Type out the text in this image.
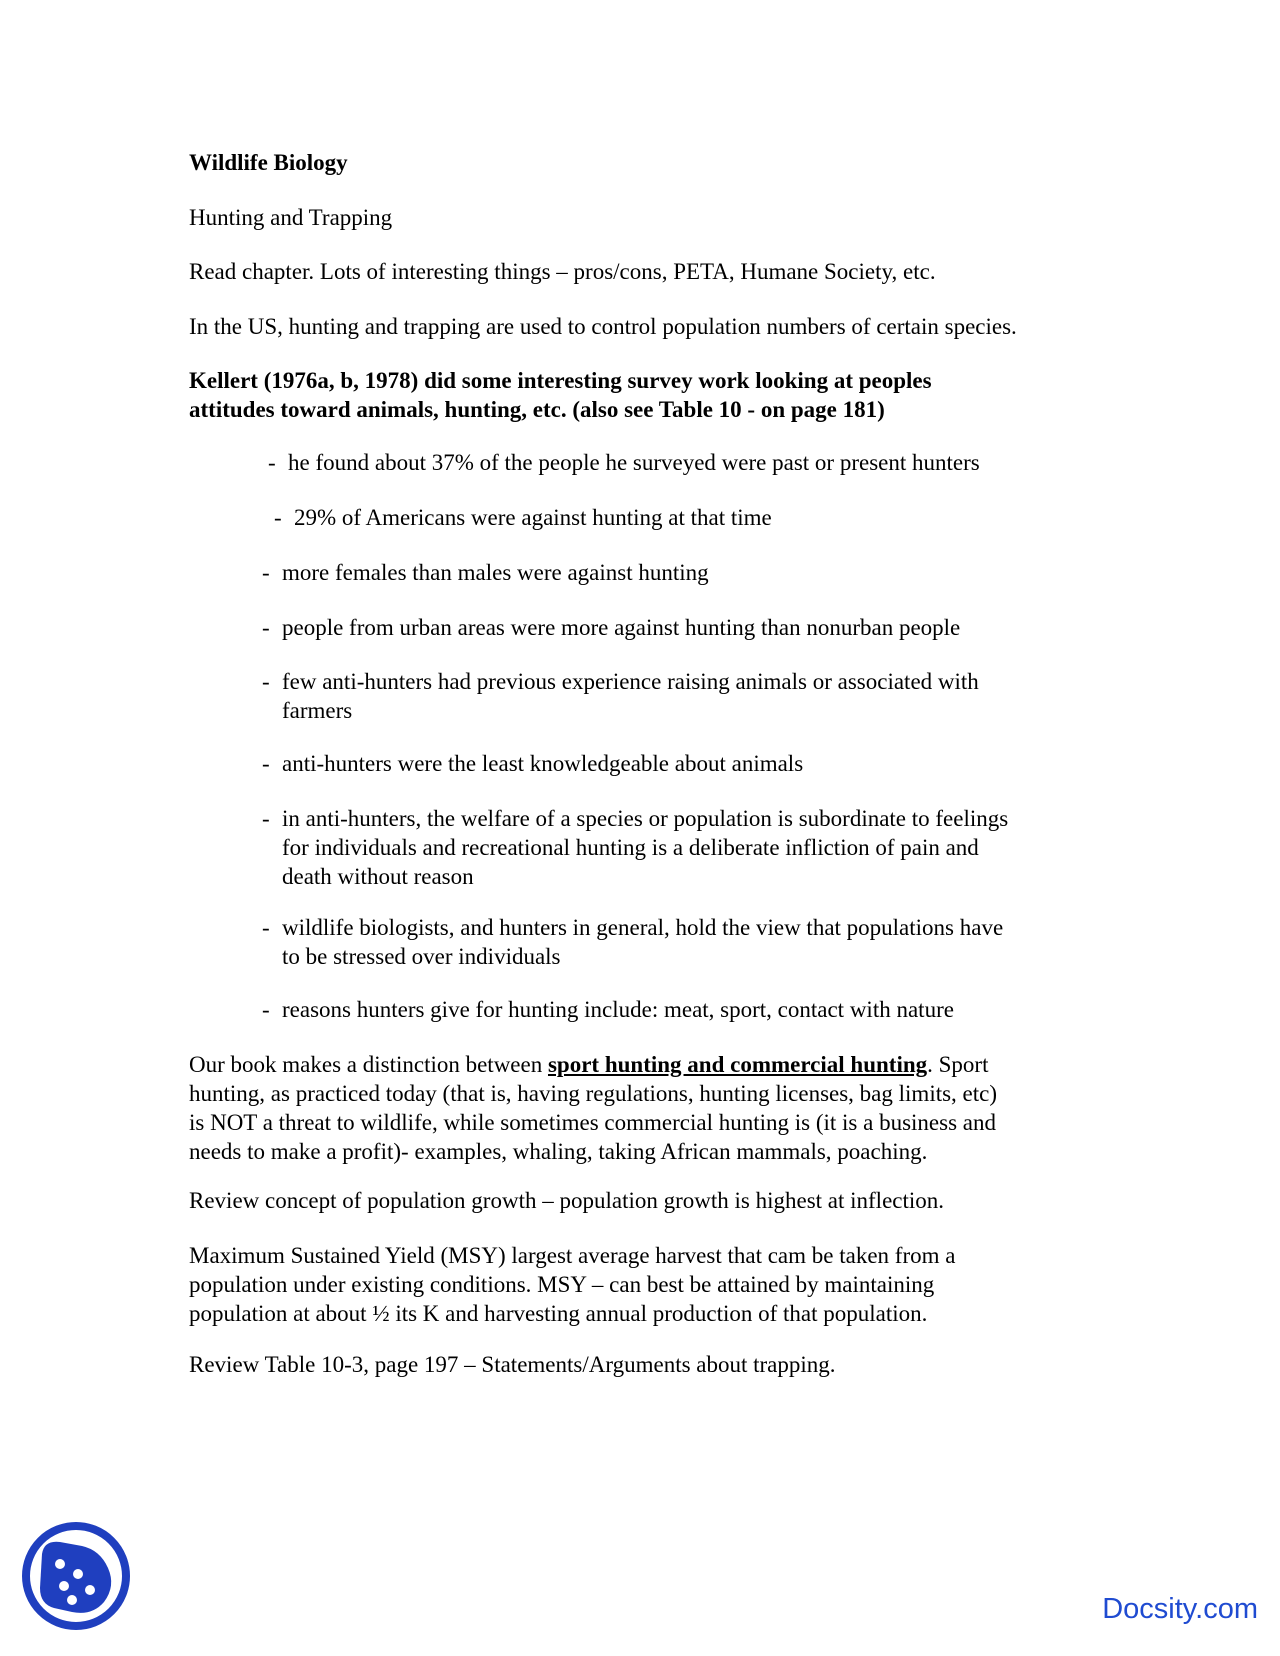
Wildlife Biology

Hunting and Trapping

Read chapter. Lots of interesting things – pros/cons, PETA, Humane Society, etc.

In the US, hunting and trapping are used to control population numbers of certain species.

Kellert (1976a, b, 1978) did some interesting survey work looking at peoples
attitudes toward animals, hunting, etc. (also see Table 10 - on page 181)

- he found about 37% of the people he surveyed were past or present hunters
- 29% of Americans were against hunting at that time
- more females than males were against hunting
- people from urban areas were more against hunting than nonurban people
- few anti-hunters had previous experience raising animals or associated with
farmers
- anti-hunters were the least knowledgeable about animals
- in anti-hunters, the welfare of a species or population is subordinate to feelings
for individuals and recreational hunting is a deliberate infliction of pain and
death without reason
- wildlife biologists, and hunters in general, hold the view that populations have
to be stressed over individuals
- reasons hunters give for hunting include: meat, sport, contact with nature

Our book makes a distinction between sport hunting and commercial hunting. Sport
hunting, as practiced today (that is, having regulations, hunting licenses, bag limits, etc)
is NOT a threat to wildlife, while sometimes commercial hunting is (it is a business and
needs to make a profit)- examples, whaling, taking African mammals, poaching.

Review concept of population growth – population growth is highest at inflection.

Maximum Sustained Yield (MSY) largest average harvest that cam be taken from a
population under existing conditions. MSY – can best be attained by maintaining
population at about ½ its K and harvesting annual production of that population.

Review Table 10-3, page 197 – Statements/Arguments about trapping.

Docsity.com
